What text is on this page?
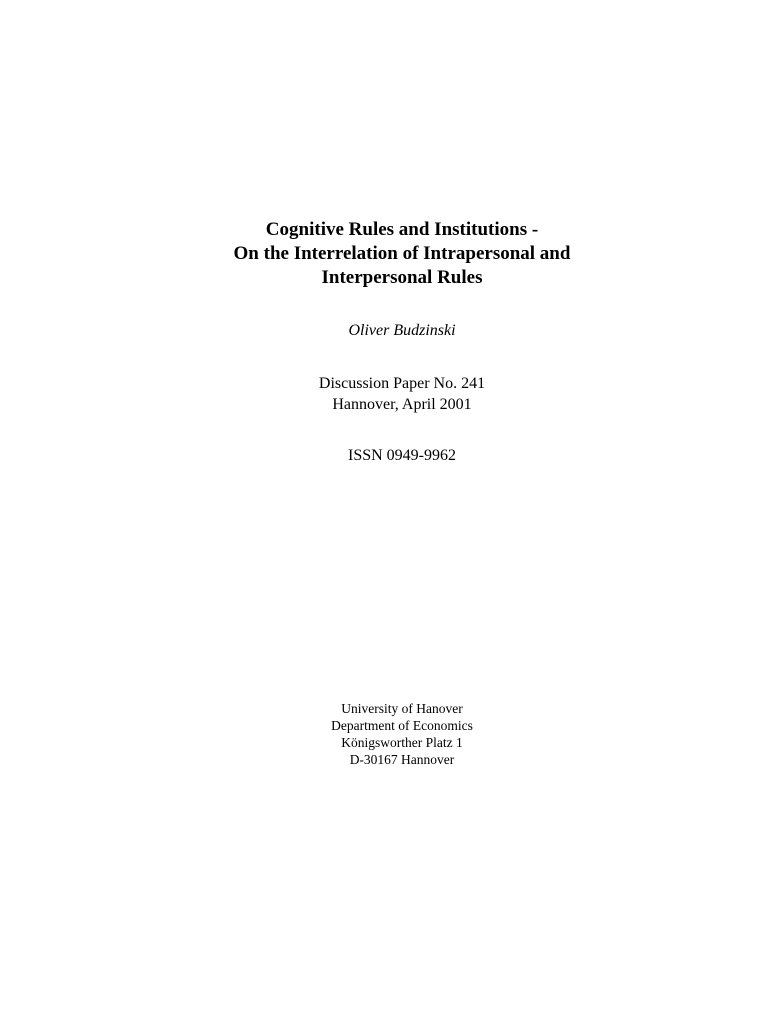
Cognitive Rules and Institutions -
On the Interrelation of Intrapersonal and
Interpersonal Rules
Oliver Budzinski
Discussion Paper No. 241
Hannover, April 2001
ISSN 0949-9962
University of Hanover
Department of Economics
Königsworther Platz 1
D-30167 Hannover
